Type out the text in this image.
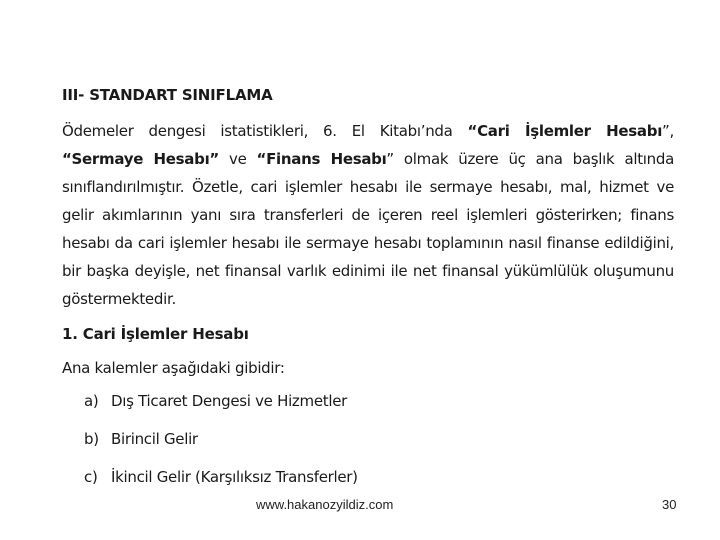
III- STANDART SINIFLAMA

Ödemeler dengesi istatistikleri, 6. El Kitabı’nda “Cari İşlemler Hesabı”, “Sermaye Hesabı” ve “Finans Hesabı” olmak üzere üç ana başlık altında sınıflandırılmıştır. Özetle, cari işlemler hesabı ile sermaye hesabı, mal, hizmet ve gelir akımlarının yanı sıra transferleri de içeren reel işlemleri gösterirken; finans hesabı da cari işlemler hesabı ile sermaye hesabı toplamının nasıl finanse edildiğini, bir başka deyişle, net finansal varlık edinimi ile net finansal yükümlülük oluşumunu göstermektedir.

1. Cari İşlemler Hesabı
Ana kalemler aşağıdaki gibidir:
a) Dış Ticaret Dengesi ve Hizmetler
b) Birincil Gelir
c) İkincil Gelir (Karşılıksız Transferler)
www.hakanozyildiz.com	30
